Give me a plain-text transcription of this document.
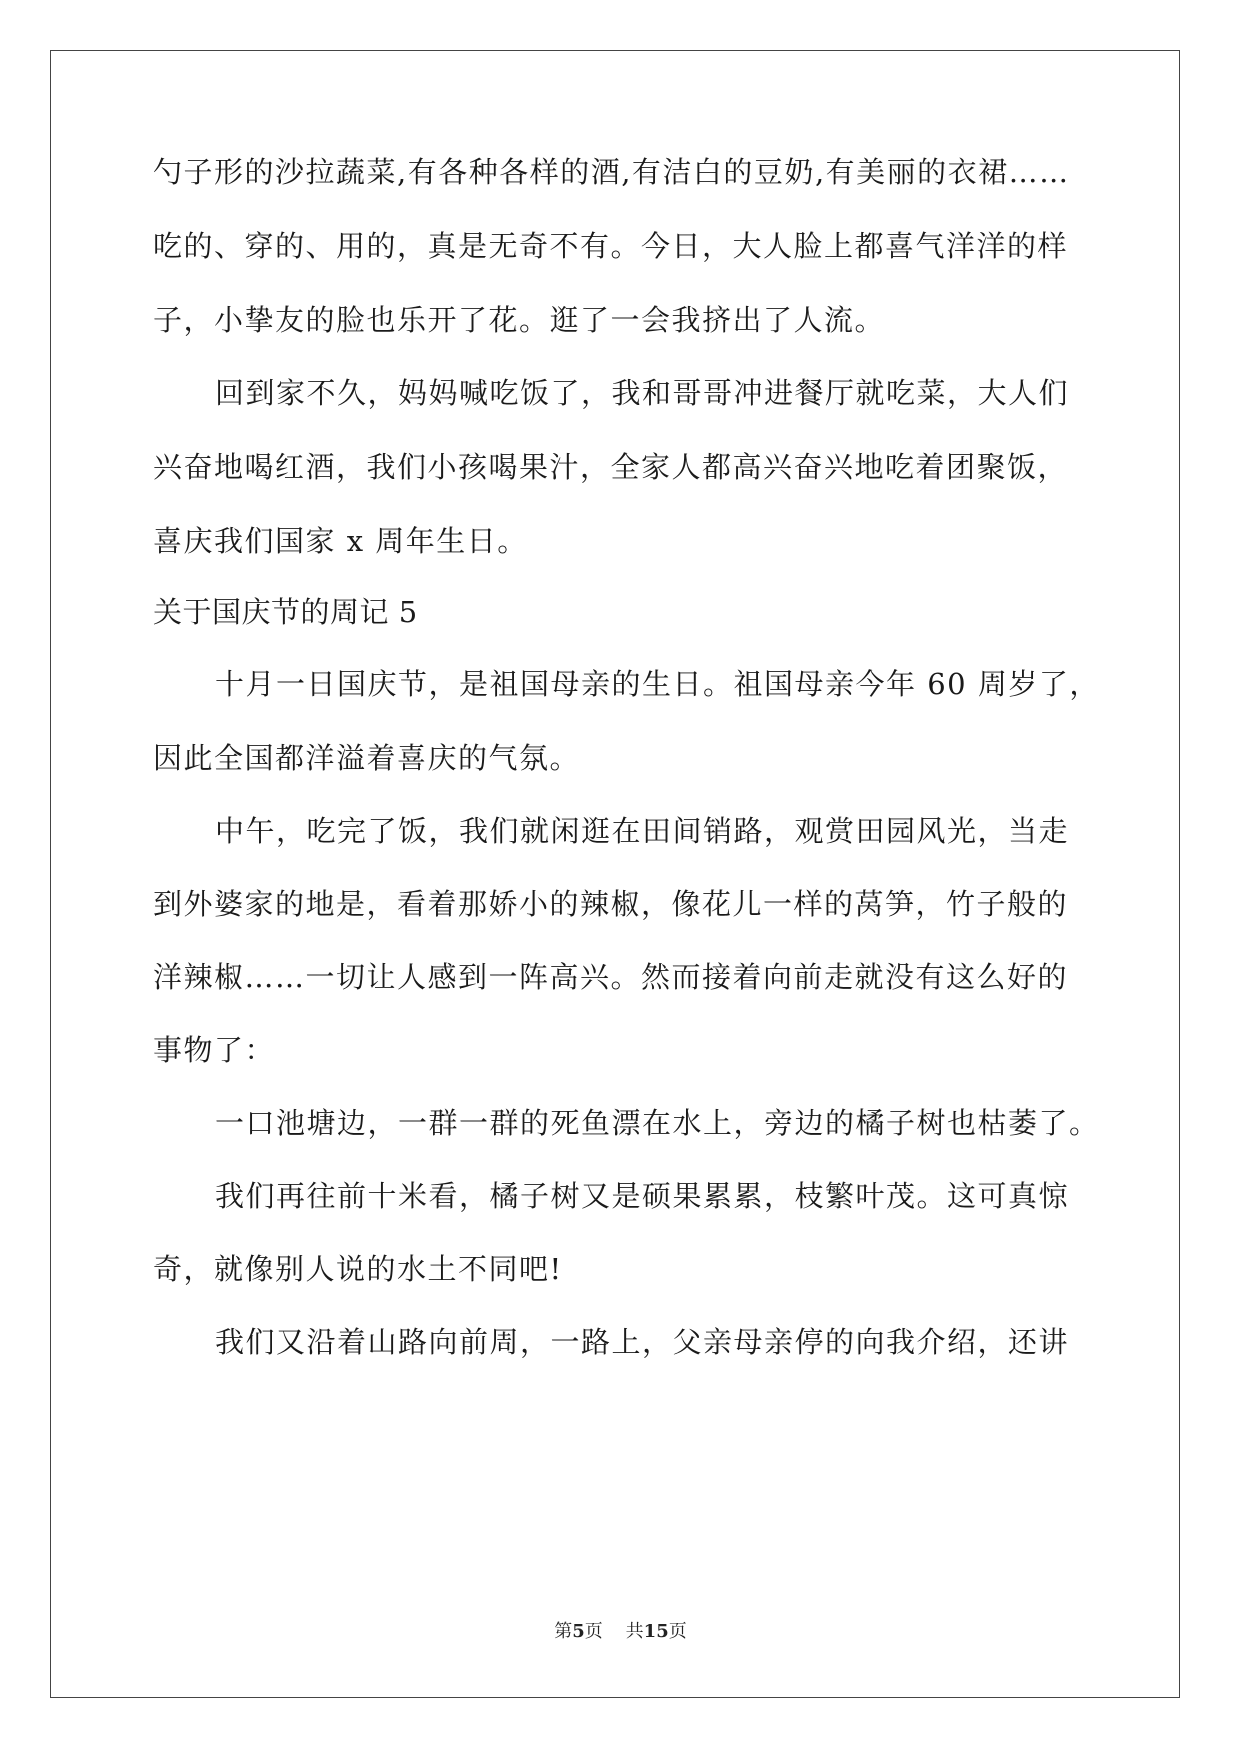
勺子形的沙拉蔬菜,有各种各样的酒,有洁白的豆奶,有美丽的衣裙……
吃的、穿的、用的，真是无奇不有。今日，大人脸上都喜气洋洋的样
子，小挚友的脸也乐开了花。逛了一会我挤出了人流。
回到家不久，妈妈喊吃饭了，我和哥哥冲进餐厅就吃菜，大人们
兴奋地喝红酒，我们小孩喝果汁，全家人都高兴奋兴地吃着团聚饭，
喜庆我们国家 x 周年生日。
关于国庆节的周记 5
十月一日国庆节，是祖国母亲的生日。祖国母亲今年 60 周岁了，
因此全国都洋溢着喜庆的气氛。
中午，吃完了饭，我们就闲逛在田间销路，观赏田园风光，当走
到外婆家的地是，看着那娇小的辣椒，像花儿一样的莴笋，竹子般的
洋辣椒……一切让人感到一阵高兴。然而接着向前走就没有这么好的
事物了：
一口池塘边，一群一群的死鱼漂在水上，旁边的橘子树也枯萎了。
我们再往前十米看，橘子树又是硕果累累，枝繁叶茂。这可真惊
奇，就像别人说的水土不同吧!
我们又沿着山路向前周，一路上，父亲母亲停的向我介绍，还讲
第5页 共15页
